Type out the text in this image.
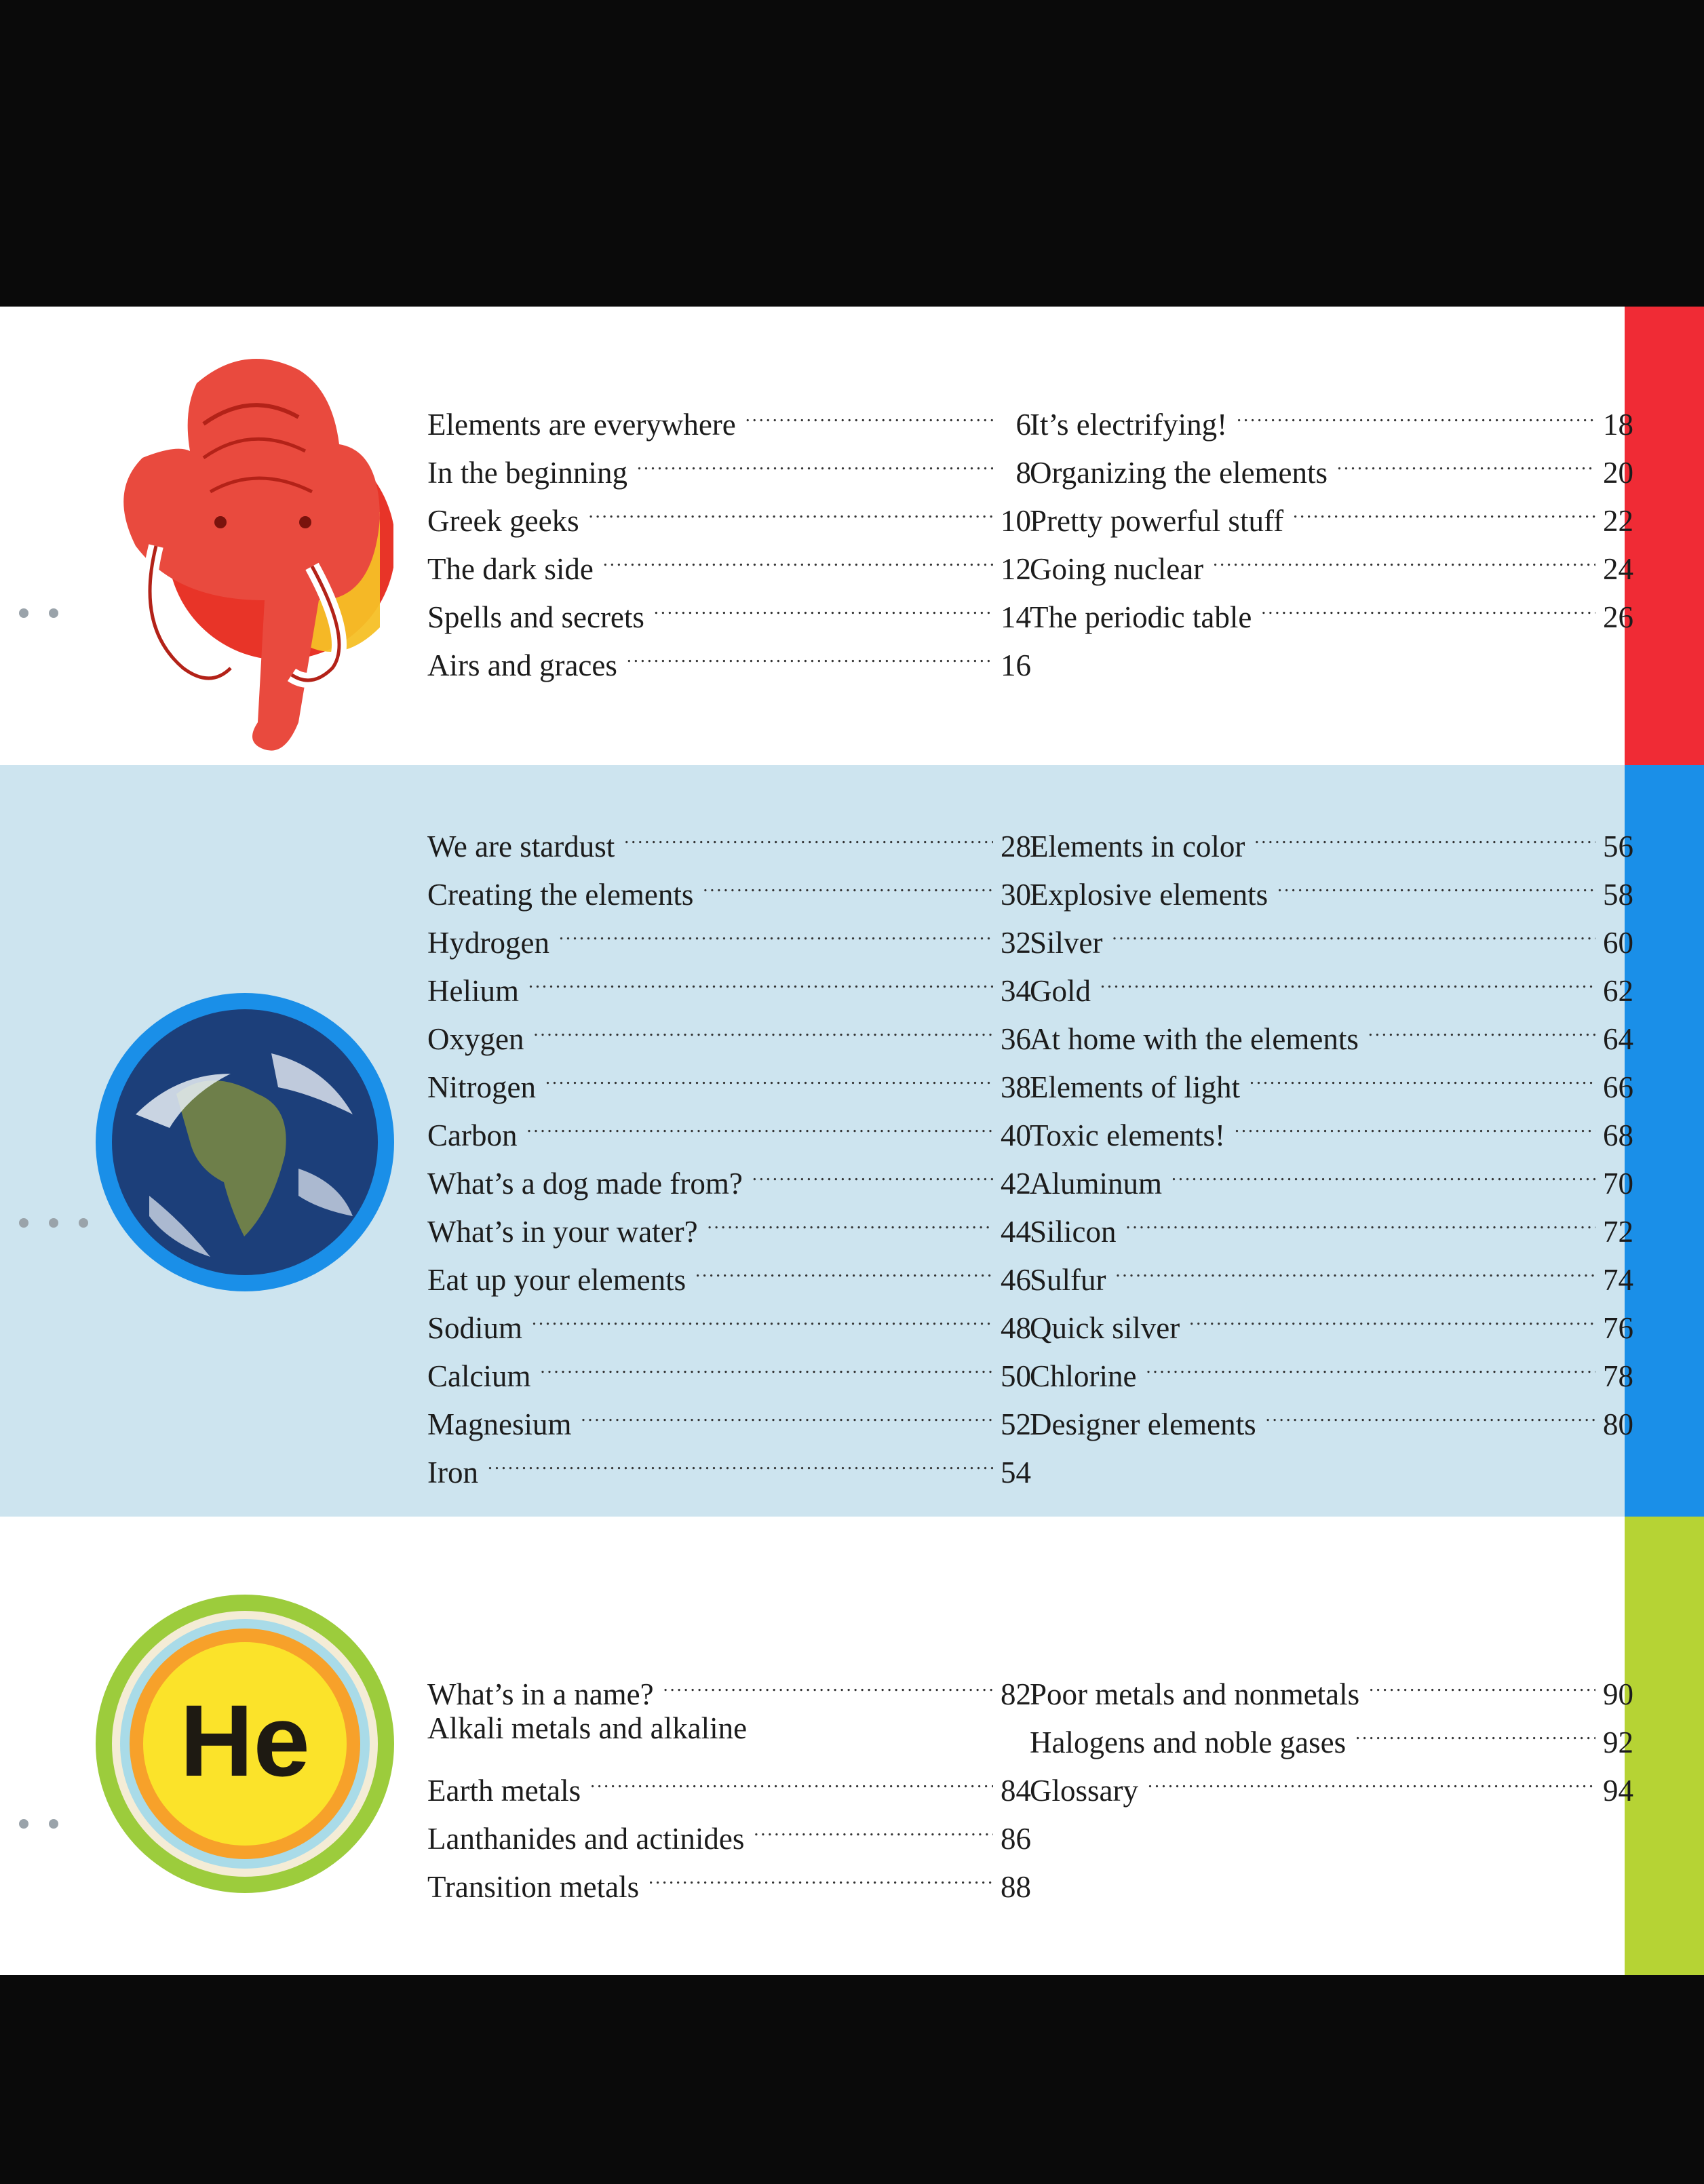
He
Elements are everywhere .....	6
In the beginning .....	8
Greek geeks .....	10
The dark side .....	12
Spells and secrets .....	14
Airs and graces .....	16
It’s electrifying! .....	18
Organizing the elements .....	20
Pretty powerful stuff .....	22
Going nuclear .....	24
The periodic table .....	26
We are stardust .....	28
Creating the elements .....	30
Hydrogen .....	32
Helium .....	34
Oxygen .....	36
Nitrogen .....	38
Carbon .....	40
What’s a dog made from? .....	42
What’s in your water? .....	44
Eat up your elements .....	46
Sodium .....	48
Calcium .....	50
Magnesium .....	52
Iron .....	54
Elements in color .....	56
Explosive elements .....	58
Silver .....	60
Gold .....	62
At home with the elements .....	64
Elements of light .....	66
Toxic elements! .....	68
Aluminum .....	70
Silicon .....	72
Sulfur .....	74
Quick silver .....	76
Chlorine .....	78
Designer elements .....	80
What’s in a name? .....	82
Alkali metals and alkaline
Earth metals .....	84
Lanthanides and actinides .....	86
Transition metals .....	88
Poor metals and nonmetals .....	90
Halogens and noble gases .....	92
Glossary .....	94
